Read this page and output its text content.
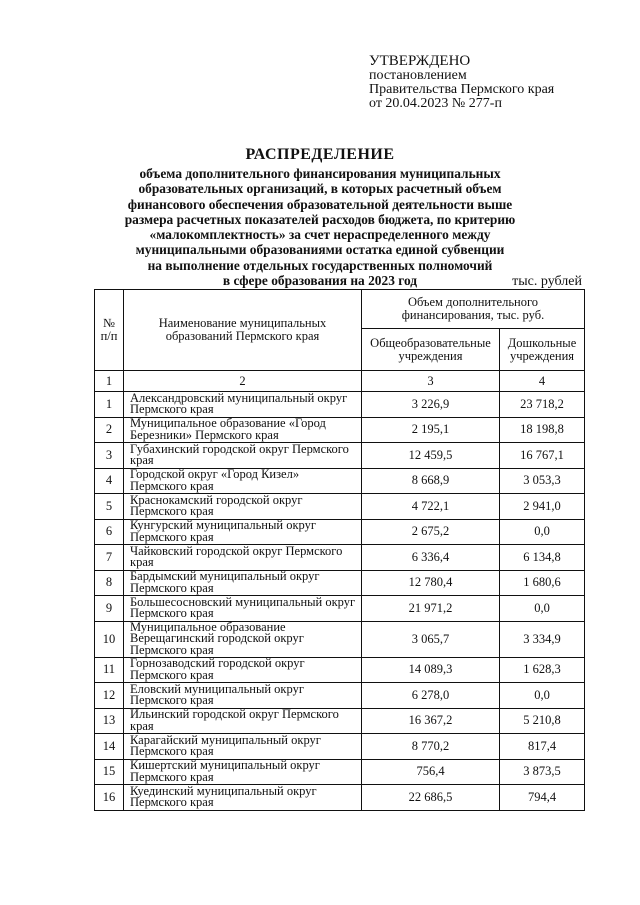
УТВЕРЖДЕНО
постановлением
Правительства Пермского края
от 20.04.2023 № 277-п
РАСПРЕДЕЛЕНИЕ
объема дополнительного финансирования муниципальных
образовательных организаций, в которых расчетный объем
финансового обеспечения образовательной деятельности выше
размера расчетных показателей расходов бюджета, по критерию
«малокомплектность» за счет нераспределенного между
муниципальными образованиями остатка единой субвенции
на выполнение отдельных государственных полномочий
в сфере образования на 2023 год	тыс. рублей
№ п/п	Наименование муниципальных образований Пермского края	Объем дополнительного финансирования, тыс. руб.	
		Общеобразовательные учреждения	Дошкольные учреждения
1	2	3	4
1	Александровский муниципальный округ Пермского края	3 226,9	23 718,2
2	Муниципальное образование «Город Березники» Пермского края	2 195,1	18 198,8
3	Губахинский городской округ Пермского края	12 459,5	16 767,1
4	Городской округ «Город Кизел» Пермского края	8 668,9	3 053,3
5	Краснокамский городской округ Пермского края	4 722,1	2 941,0
6	Кунгурский муниципальный округ Пермского края	2 675,2	0,0
7	Чайковский городской округ Пермского края	6 336,4	6 134,8
8	Бардымский муниципальный округ Пермского края	12 780,4	1 680,6
9	Большесосновский муниципальный округ Пермского края	21 971,2	0,0
10	Муниципальное образование Верещагинский городской округ Пермского края	3 065,7	3 334,9
11	Горнозаводский городской округ Пермского края	14 089,3	1 628,3
12	Еловский муниципальный округ Пермского края	6 278,0	0,0
13	Ильинский городской округ Пермского края	16 367,2	5 210,8
14	Карагайский муниципальный округ Пермского края	8 770,2	817,4
15	Кишертский муниципальный округ Пермского края	756,4	3 873,5
16	Куединский муниципальный округ Пермского края	22 686,5	794,4
